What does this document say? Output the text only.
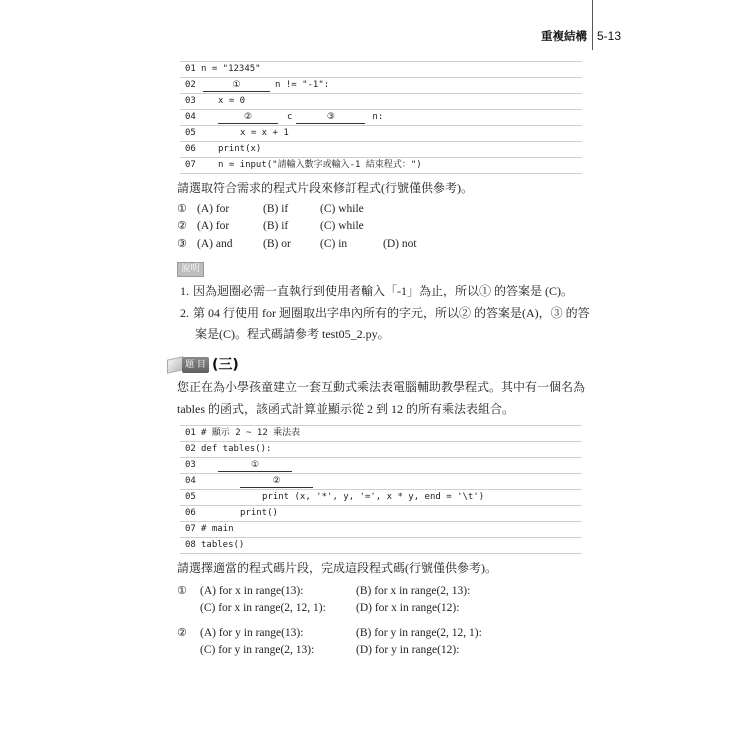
重複結構 5-13
01 n = "12345"
02	①	n != "-1":
03 x = 0
04	②	c	③	n:
05	x = x + 1
06 print(x)
07 n = input("請輸入數字或輸入-1 結束程式：")
請選取符合需求的程式片段來修訂程式(行號僅供參考)。
① (A) for	(B) if	(C) while
② (A) for	(B) if	(C) while
③ (A) and	(B) or	(C) in	(D) not
說明
1. 因為迴圈必需一直執行到使用者輸入「-1」為止，所以① 的答案是 (C)。
2. 第 04 行使用 for 迴圈取出字串內所有的字元，所以② 的答案是(A)，③ 的答
案是(C)。程式碼請參考 test05_2.py。
題 目 (三)
您正在為小學孩童建立一套互動式乘法表電腦輔助教學程式。其中有一個名為
tables 的函式，該函式計算並顯示從 2 到 12 的所有乘法表組合。
01 # 顯示 2 ~ 12 乘法表
02 def tables():
03	①
04	②
05	print (x, '*', y, '=', x * y, end = '\t')
06	print()
07 # main
08 tables()
請選擇適當的程式碼片段，完成這段程式碼(行號僅供參考)。
① (A) for x in range(13):	(B) for x in range(2, 13):
(C) for x in range(2, 12, 1):	(D) for x in range(12):
② (A) for y in range(13):	(B) for y in range(2, 12, 1):
(C) for y in range(2, 13):	(D) for y in range(12):
